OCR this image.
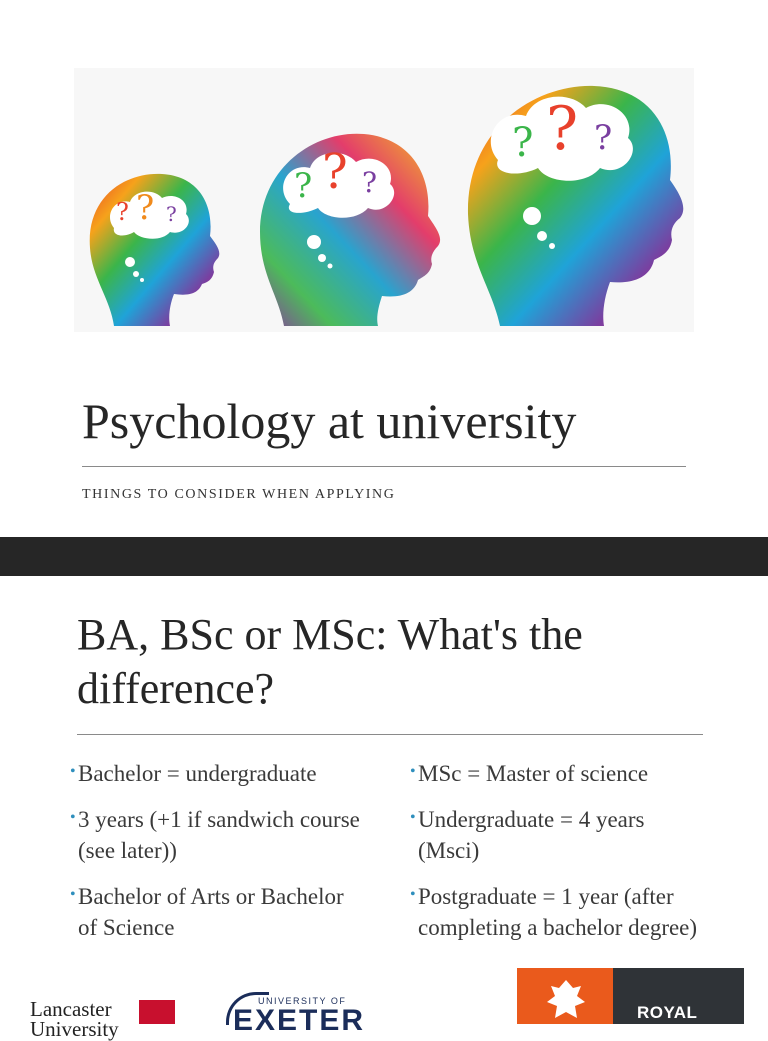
? ? ?
? ? ?
? ? ?
Psychology at university
THINGS TO CONSIDER WHEN APPLYING
BA, BSc or MSc: What's the difference?
• Bachelor = undergraduate
• 3 years (+1 if sandwich course (see later))
• Bachelor of Arts or Bachelor of Science
• MSc = Master of science
• Undergraduate = 4 years (Msci)
• Postgraduate = 1 year (after completing a bachelor degree)
Lancaster
University
UNIVERSITY OF
EXETER	ROYAL
